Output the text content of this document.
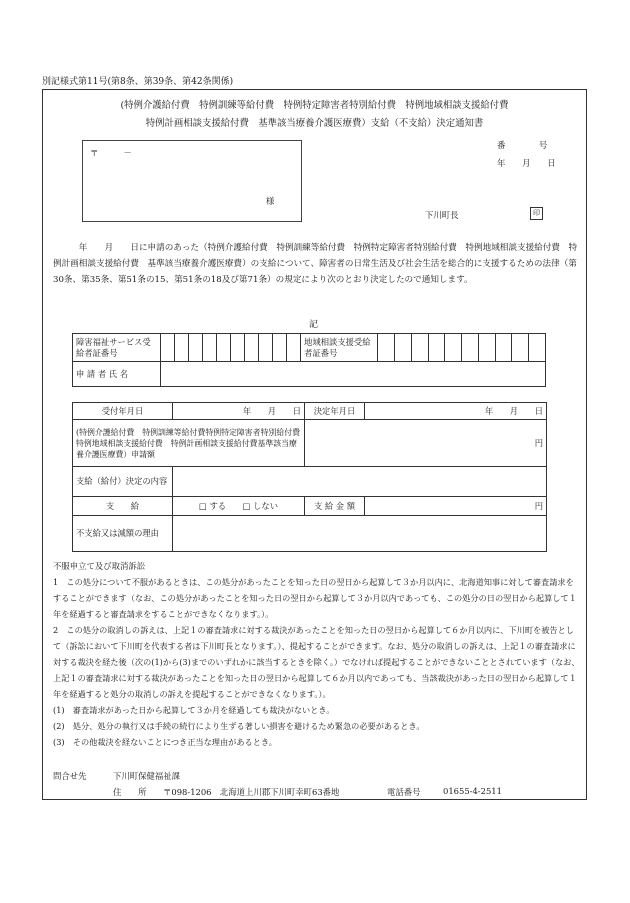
別記様式第11号(第8条、第39条、第42条関係)
(特例介護給付費　特例訓練等給付費　特例特定障害者特別給付費　特例地域相談支援給付費
特例計画相談支援給付費　基準該当療養介護医療費）支給（不支給）決定通知書
番　　　　号
年　　月　　日
〒　　　－
様
下川町長	印
　　　年　　月　　日に申請のあった（特例介護給付費　特例訓練等給付費　特例特定障害者特別給付費　特例地域相談支援給付費　特例計画相談支援給付費　基準該当療養介護医療費）の支給について、障害者の日常生活及び社会生活を総合的に支援するための法律（第30条、第35条、第51条の15、第51条の18及び第71条）の規定により次のとおり決定したので通知します。
記
障害福祉サービス受給者証番号											地域相談支援受給者証番号										
申 請 者 氏 名																					
受付年月日	年　　月　　日	決定年月日	年　　月　　日
(特例介護給付費　特例訓練等給付費特例特定障害者特別給付費　特例地域相談支援給付費　特例計画相談支援給付費基準該当療養介護医療費）申請額		円	
支給（給付）決定の内容			
支　　給	□ する　　□ しない	支 給 金 額	円
不支給又は減額の理由			
不服申立て及び取消訴訟
1　この処分について不服があるときは、この処分があったことを知った日の翌日から起算して３か月以内に、北海道知事に対して審査請求をすることができます（なお、この処分があったことを知った日の翌日から起算して３か月以内であっても、この処分の日の翌日から起算して１年を経過すると審査請求をすることができなくなります。）。
2　この処分の取消しの訴えは、上記１の審査請求に対する裁決があったことを知った日の翌日から起算して６か月以内に、下川町を被告として（訴訟において下川町を代表する者は下川町長となります。）、提起することができます。なお、処分の取消しの訴えは、上記１の審査請求に対する裁決を経た後（次の(1)から(3)までのいずれかに該当するときを除く。）でなければ提起することができないこととされています（なお、上記１の審査請求に対する裁決があったことを知った日の翌日から起算して６か月以内であっても、当該裁決があった日の翌日から起算して１年を経過すると処分の取消しの訴えを提起することができなくなります。）。
(1)　審査請求があった日から起算して３か月を経過しても裁決がないとき。
(2)　処分、処分の執行又は手続の続行により生ずる著しい損害を避けるため緊急の必要があるとき。
(3)　その他裁決を経ないことにつき正当な理由があるとき。
問合せ先	下川町保健福祉課
住　　所 〒098-1206　北海道上川郡下川町幸町63番地	電話番号	01655-4-2511
